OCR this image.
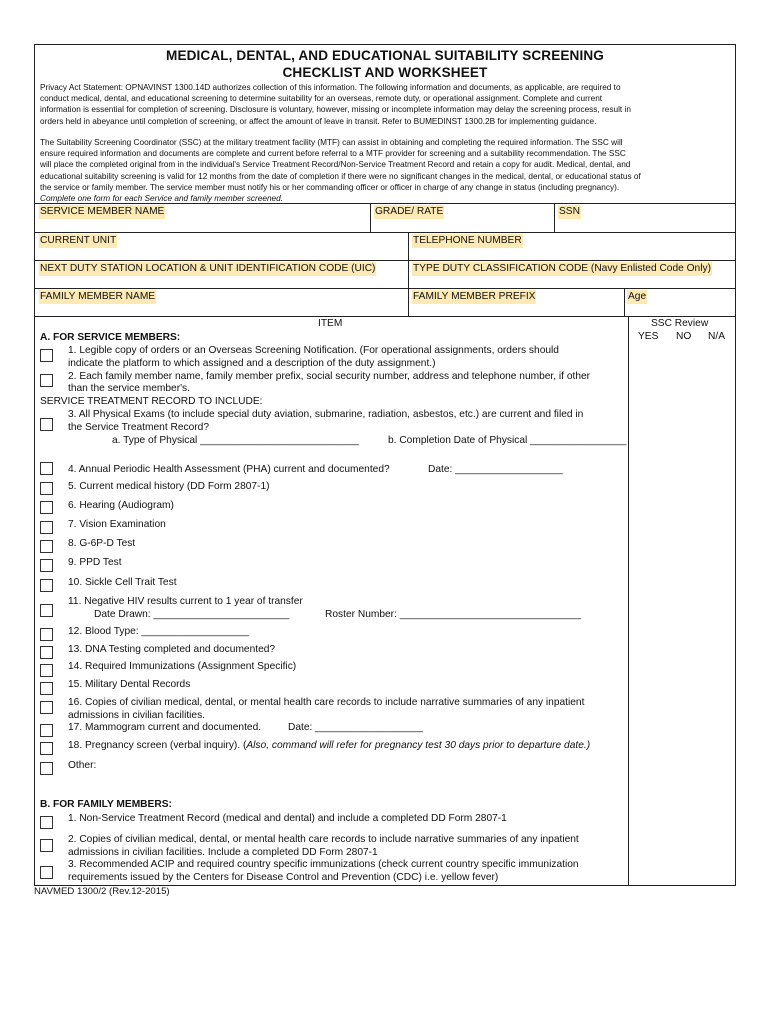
MEDICAL, DENTAL, AND EDUCATIONAL SUITABILITY SCREENING
CHECKLIST AND WORKSHEET
Privacy Act Statement: OPNAVINST 1300.14D authorizes collection of this information. The following information and documents, as applicable, are required to
conduct medical, dental, and educational screening to determine suitability for an overseas, remote duty, or operational assignment. Complete and current
information is essential for completion of screening. Disclosure is voluntary, however, missing or incomplete information may delay the screening process, result in
orders held in abeyance until completion of screening, or affect the amount of leave in transit. Refer to BUMEDINST 1300.2B for implementing guidance.
The Suitability Screening Coordinator (SSC) at the military treatment facility (MTF) can assist in obtaining and completing the required information. The SSC will
ensure required information and documents are complete and current before referral to a MTF provider for screening and a suitability recommendation. The SSC
will place the completed original from in the individual's Service Treatment Record/Non-Service Treatment Record and retain a copy for audit. Medical, dental, and
educational suitability screening is valid for 12 months from the date of completion if there were no significant changes in the medical, dental, or educational status of
the service or family member. The service member must notify his or her commanding officer or officer in charge of any change in status (including pregnancy).
Complete one form for each Service and family member screened.
SERVICE MEMBER NAME	GRADE/ RATE	SSN
CURRENT UNIT	TELEPHONE NUMBER
NEXT DUTY STATION LOCATION & UNIT IDENTIFICATION CODE (UIC)	TYPE DUTY CLASSIFICATION CODE (Navy Enlisted Code Only)
FAMILY MEMBER NAME	FAMILY MEMBER PREFIX	Age
ITEM	SSC Review
YES NO N/A
A. FOR SERVICE MEMBERS:
1. Legible copy of orders or an Overseas Screening Notification. (For operational assignments, orders should
indicate the platform to which assigned and a description of the duty assignment.)
2. Each family member name, family member prefix, social security number, address and telephone number, if other
than the service member's.
SERVICE TREATMENT RECORD TO INCLUDE:
3. All Physical Exams (to include special duty aviation, submarine, radiation, asbestos, etc.) are current and filed in
the Service Treatment Record?
a. Type of Physical ____________________________	b. Completion Date of Physical _________________
4. Annual Periodic Health Assessment (PHA) current and documented?	Date: ___________________
5. Current medical history (DD Form 2807-1)
6. Hearing (Audiogram)
7. Vision Examination
8. G-6P-D Test
9. PPD Test
10. Sickle Cell Trait Test
11. Negative HIV results current to 1 year of transfer
Date Drawn: ________________________	Roster Number: ________________________________
12. Blood Type: ___________________
13. DNA Testing completed and documented?
14. Required Immunizations (Assignment Specific)
15. Military Dental Records
16. Copies of civilian medical, dental, or mental health care records to include narrative summaries of any inpatient
admissions in civilian facilities.
17. Mammogram current and documented.	Date: ___________________
18. Pregnancy screen (verbal inquiry). (Also, command will refer for pregnancy test 30 days prior to departure date.)
Other:
B. FOR FAMILY MEMBERS:
1. Non-Service Treatment Record (medical and dental) and include a completed DD Form 2807-1
2. Copies of civilian medical, dental, or mental health care records to include narrative summaries of any inpatient
admissions in civilian facilities. Include a completed DD Form 2807-1
3. Recommended ACIP and required country specific immunizations (check current country specific immunization
requirements issued by the Centers for Disease Control and Prevention (CDC) i.e. yellow fever)
NAVMED 1300/2 (Rev.12-2015)
